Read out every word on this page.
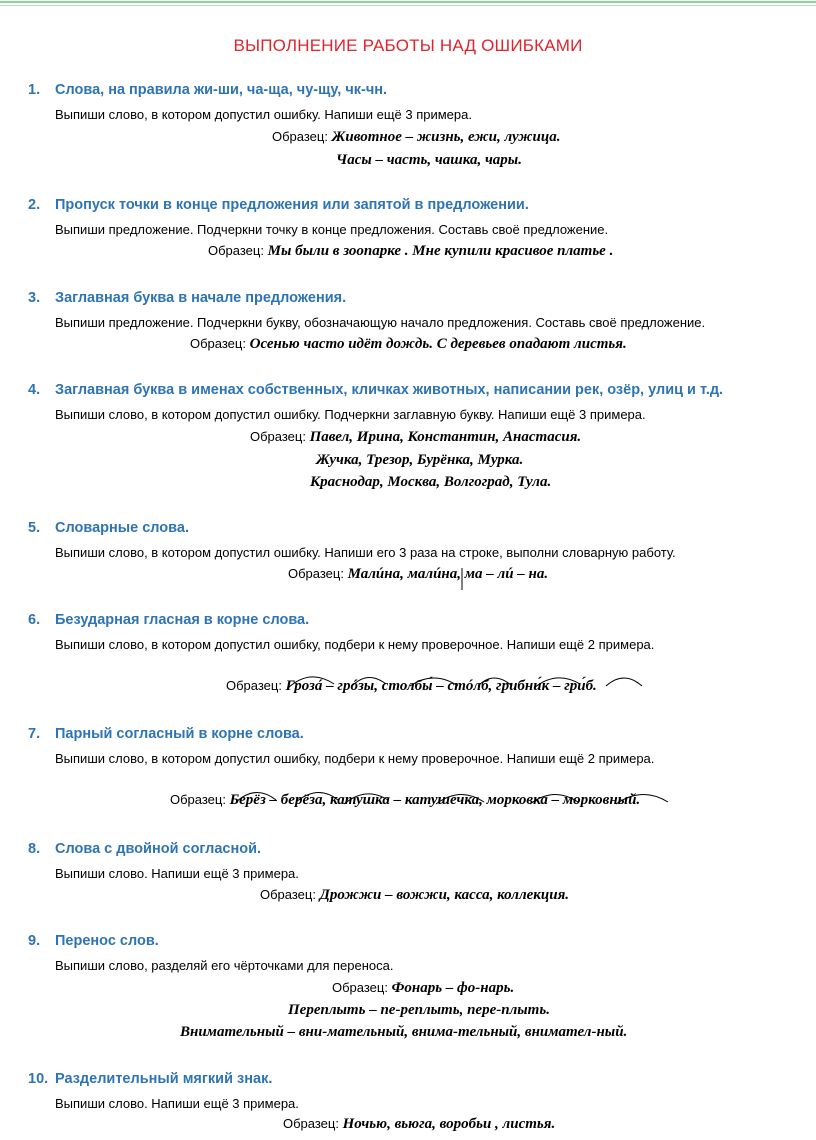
ВЫПОЛНЕНИЕ РАБОТЫ НАД ОШИБКАМИ
1. Слова, на правила жи-ши, ча-ща, чу-щу, чк-чн.
Выпиши слово, в котором допустил ошибку. Напиши ещё 3 примера.
Образец: Животное – жизнь, ежи, лужица.
Часы – часть, чашка, чары.
2. Пропуск точки в конце предложения или запятой в предложении.
Выпиши предложение. Подчеркни точку в конце предложения. Составь своё предложение.
Образец: Мы были в зоопарке . Мне купили красивое платье .
3. Заглавная буква в начале предложения.
Выпиши предложение. Подчеркни букву, обозначающую начало предложения. Составь своё предложение.
Образец: Осенью часто идёт дождь. С деревьев опадают листья.
4. Заглавная буква в именах собственных, кличках животных, написании рек, озёр, улиц и т.д.
Выпиши слово, в котором допустил ошибку. Подчеркни заглавную букву. Напиши ещё 3 примера.
Образец: Павел, Ирина, Константин, Анастасия.
Жучка, Трезор, Бурёнка, Мурка.
Краснодар, Москва, Волгоград, Тула.
5. Словарные слова.
Выпиши слово, в котором допустил ошибку. Напиши его 3 раза на строке, выполни словарную работу.
Образец: Малúна, малúна, ма – лú – на.
6. Безударная гласная в корне слова.
Выпиши слово, в котором допустил ошибку, подбери к нему проверочное. Напиши ещё 2 примера.
Образец: Грозá – грóзы, столбы́ – стóлб, грибни́к – гри́б.
7. Парный согласный в корне слова.
Выпиши слово, в котором допустил ошибку, подбери к нему проверочное. Напиши ещё 2 примера.
Образец: Берёз – берёза, катушка – катушечка, морковка – морковный.
8. Слова с двойной согласной.
Выпиши слово. Напиши ещё 3 примера.
Образец: Дрожжи – вожжи, касса, коллекция.
9. Перенос слов.
Выпиши слово, разделяй его чёрточками для переноса.
Образец: Фонарь – фо-нарь.
Переплыть – пе-реплыть, пере-плыть.
Внимательный – вни-мательный, внима-тельный, внимател-ный.
10. Разделительный мягкий знак.
Выпиши слово. Напиши ещё 3 примера.
Образец: Ночью, вьюга, воробьи , листья.
